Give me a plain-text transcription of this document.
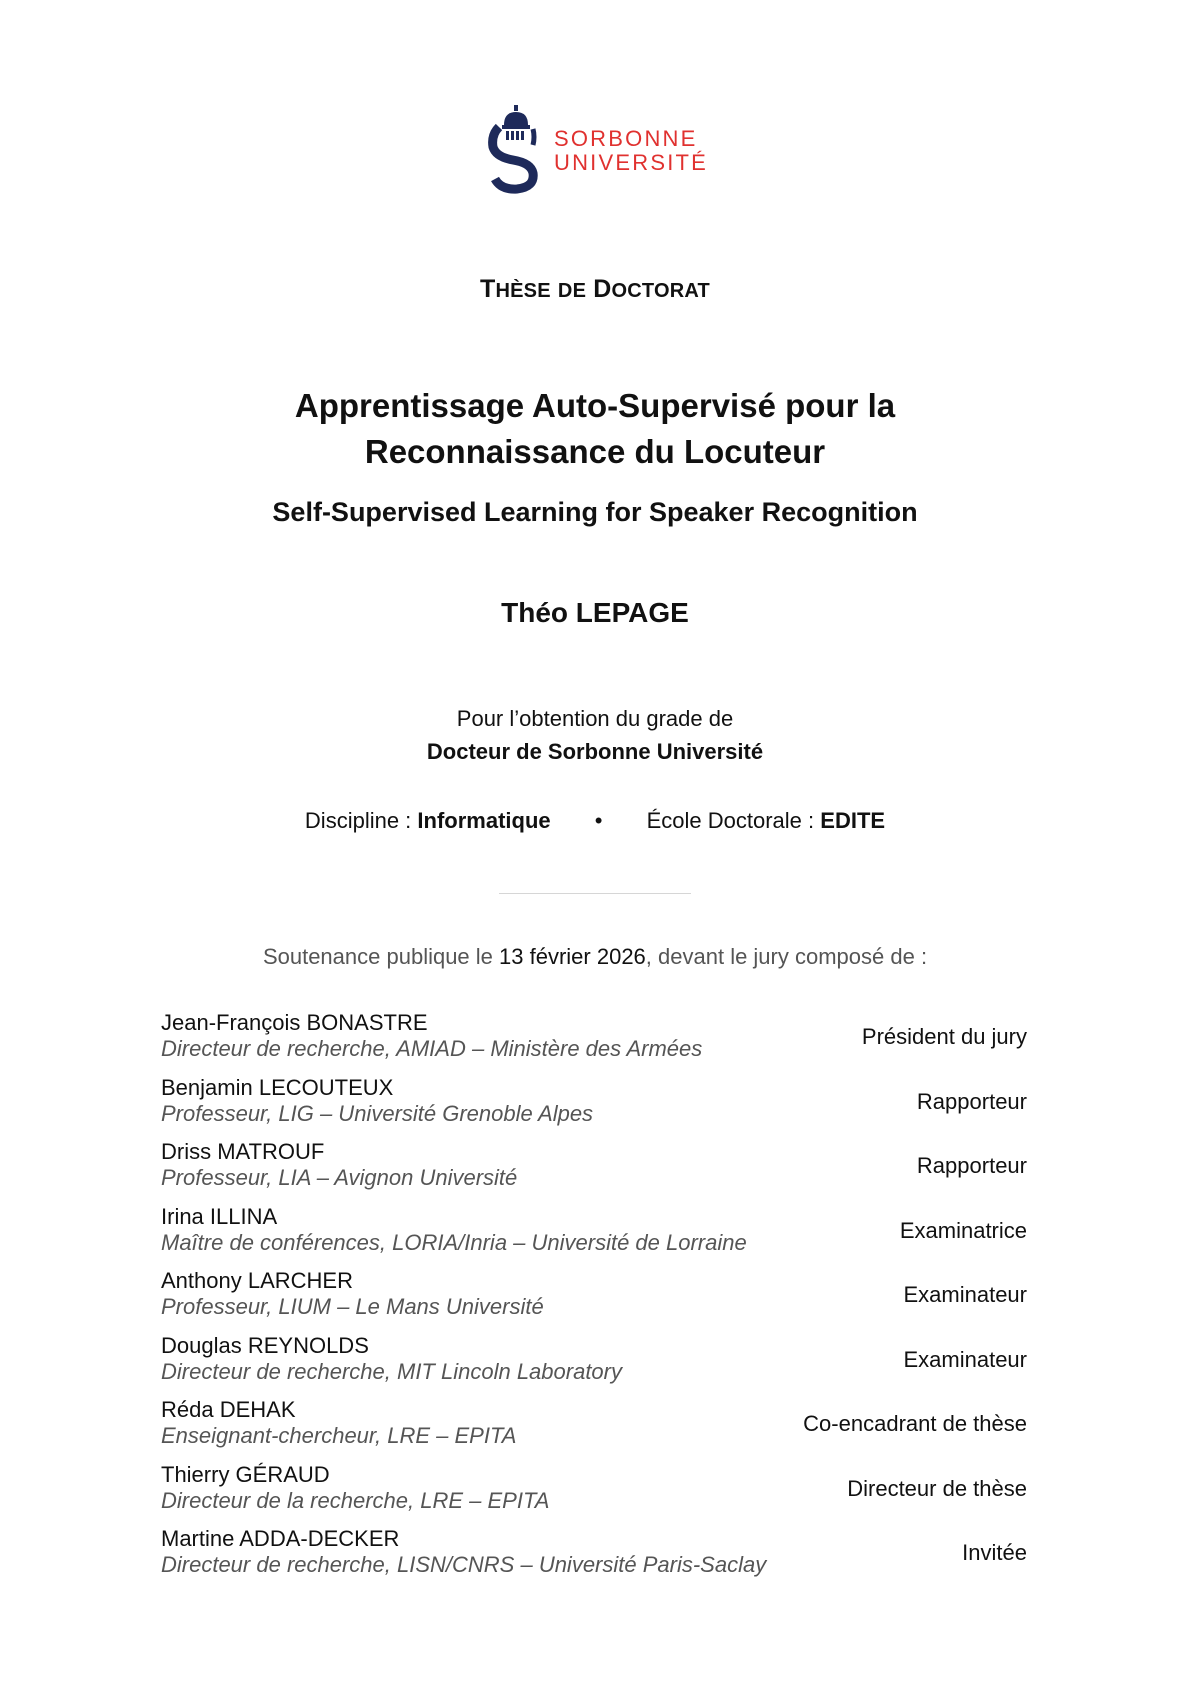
SORBONNE
UNIVERSITÉ
THÈSE DE DOCTORAT
Apprentissage Auto-Supervisé pour la
Reconnaissance du Locuteur
Self-Supervised Learning for Speaker Recognition
Théo LEPAGE
Pour l’obtention du grade de
Docteur de Sorbonne Université
Discipline : Informatique • École Doctorale : EDITE
Soutenance publique le 13 février 2026, devant le jury composé de :
Jean-François BONASTRE
Directeur de recherche, AMIAD – Ministère des Armées	Président du jury
Benjamin LECOUTEUX
Professeur, LIG – Université Grenoble Alpes	Rapporteur
Driss MATROUF
Professeur, LIA – Avignon Université	Rapporteur
Irina ILLINA
Maître de conférences, LORIA/Inria – Université de Lorraine	Examinatrice
Anthony LARCHER
Professeur, LIUM – Le Mans Université	Examinateur
Douglas REYNOLDS
Directeur de recherche, MIT Lincoln Laboratory	Examinateur
Réda DEHAK
Enseignant-chercheur, LRE – EPITA	Co-encadrant de thèse
Thierry GÉRAUD
Directeur de la recherche, LRE – EPITA	Directeur de thèse
Martine ADDA-DECKER
Directeur de recherche, LISN/CNRS – Université Paris-Saclay	Invitée
